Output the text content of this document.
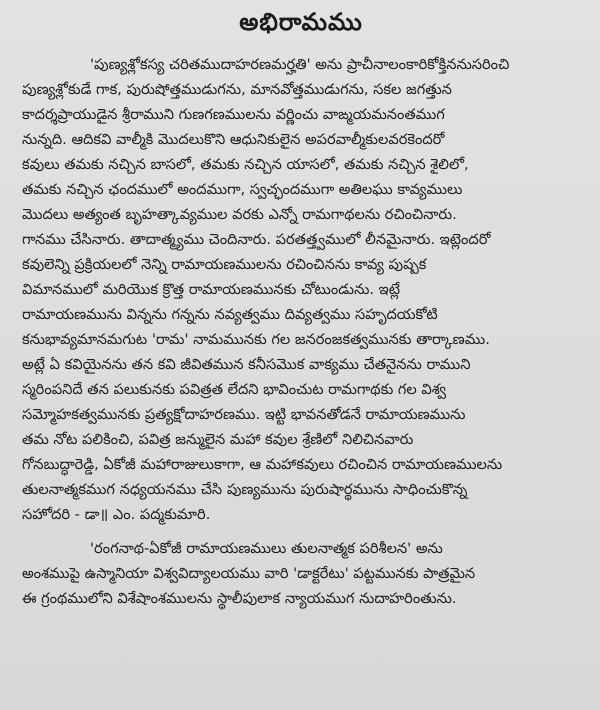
అభిరామము

'పుణ్యశ్లోకస్య చరితముదాహరణమర్హతి' అను ప్రాచీనాలంకారికోక్తిననుసరించి
పుణ్యశ్లోకుడే గాక, పురుషోత్తముడుగను, మానవోత్తముడుగను, సకల జగత్తున
కాదర్శప్రాయుడైన శ్రీరాముని గుణగణములను వర్ణించు వాఙ్మయమనంతముగ
నున్నది. ఆదికవి వాల్మీకి మొదలుకొని ఆధునికులైన అపరవాల్మీకులవరకెందరో
కవులు తమకు నచ్చిన బాసలో, తమకు నచ్చిన యాసలో, తమకు నచ్చిన శైలిలో,
తమకు నచ్చిన ఛందములో అందముగా, స్వచ్ఛందముగా అతిలఘు కావ్యములు
మొదలు అత్యంత బృహత్కావ్యముల వరకు ఎన్నో రామగాథలను రచించినారు.
గానము చేసినారు. తాదాత్మ్యము చెందినారు. పరతత్త్వములో లీనమైనారు. ఇట్లెందరో
కవులెన్ని ప్రక్రియలలో నెన్ని రామాయణములను రచించినను కావ్య పుష్పక
విమానములో మరియొక క్రొత్త రామాయణమునకు చోటుండును. ఇట్లే
రామాయణమును విన్నను గన్నను నవ్యత్వము దివ్యత్వము సహృదయకోటి
కనుభావ్యమానమగుట 'రామ' నామమునకు గల జనరంజకత్వమునకు తార్కాణము.
అట్లే ఏ కవియైనను తన కవి జీవితమున కనీసమొక వాక్యము చేతనైనను రాముని
స్మరింపనిదే తన పలుకునకు పవిత్రత లేదని భావించుట రామగాథకు గల విశ్వ
సమ్మోహకత్వమునకు ప్రత్యక్షోదాహరణము. ఇట్టి భావనతోడనే రామాయణమును
తమ నోట పలికించి, పవిత్ర జన్ములైన మహా కవుల శ్రేణిలో నిలిచినవారు
గోనబుద్ధారెడ్డి, ఏకోజీ మహారాజులుకాగా, ఆ మహాకవులు రచించిన రామాయణములను
తులనాత్మకముగ నధ్యయనము చేసి పుణ్యమును పురుషార్థమును సాధించుకొన్న
సహోదరి - డా॥ ఎం. పద్మకుమారి.

'రంగనాథ-ఏకోజీ రామాయణములు తులనాత్మక పరిశీలన' అను
అంశముపై ఉస్మానియా విశ్వవిద్యాలయము వారి 'డాక్టరేటు' పట్టమునకు పాత్రమైన
ఈ గ్రంథములోని విశేషాంశములను స్థాలీపులాక న్యాయముగ నుదాహరింతును.
